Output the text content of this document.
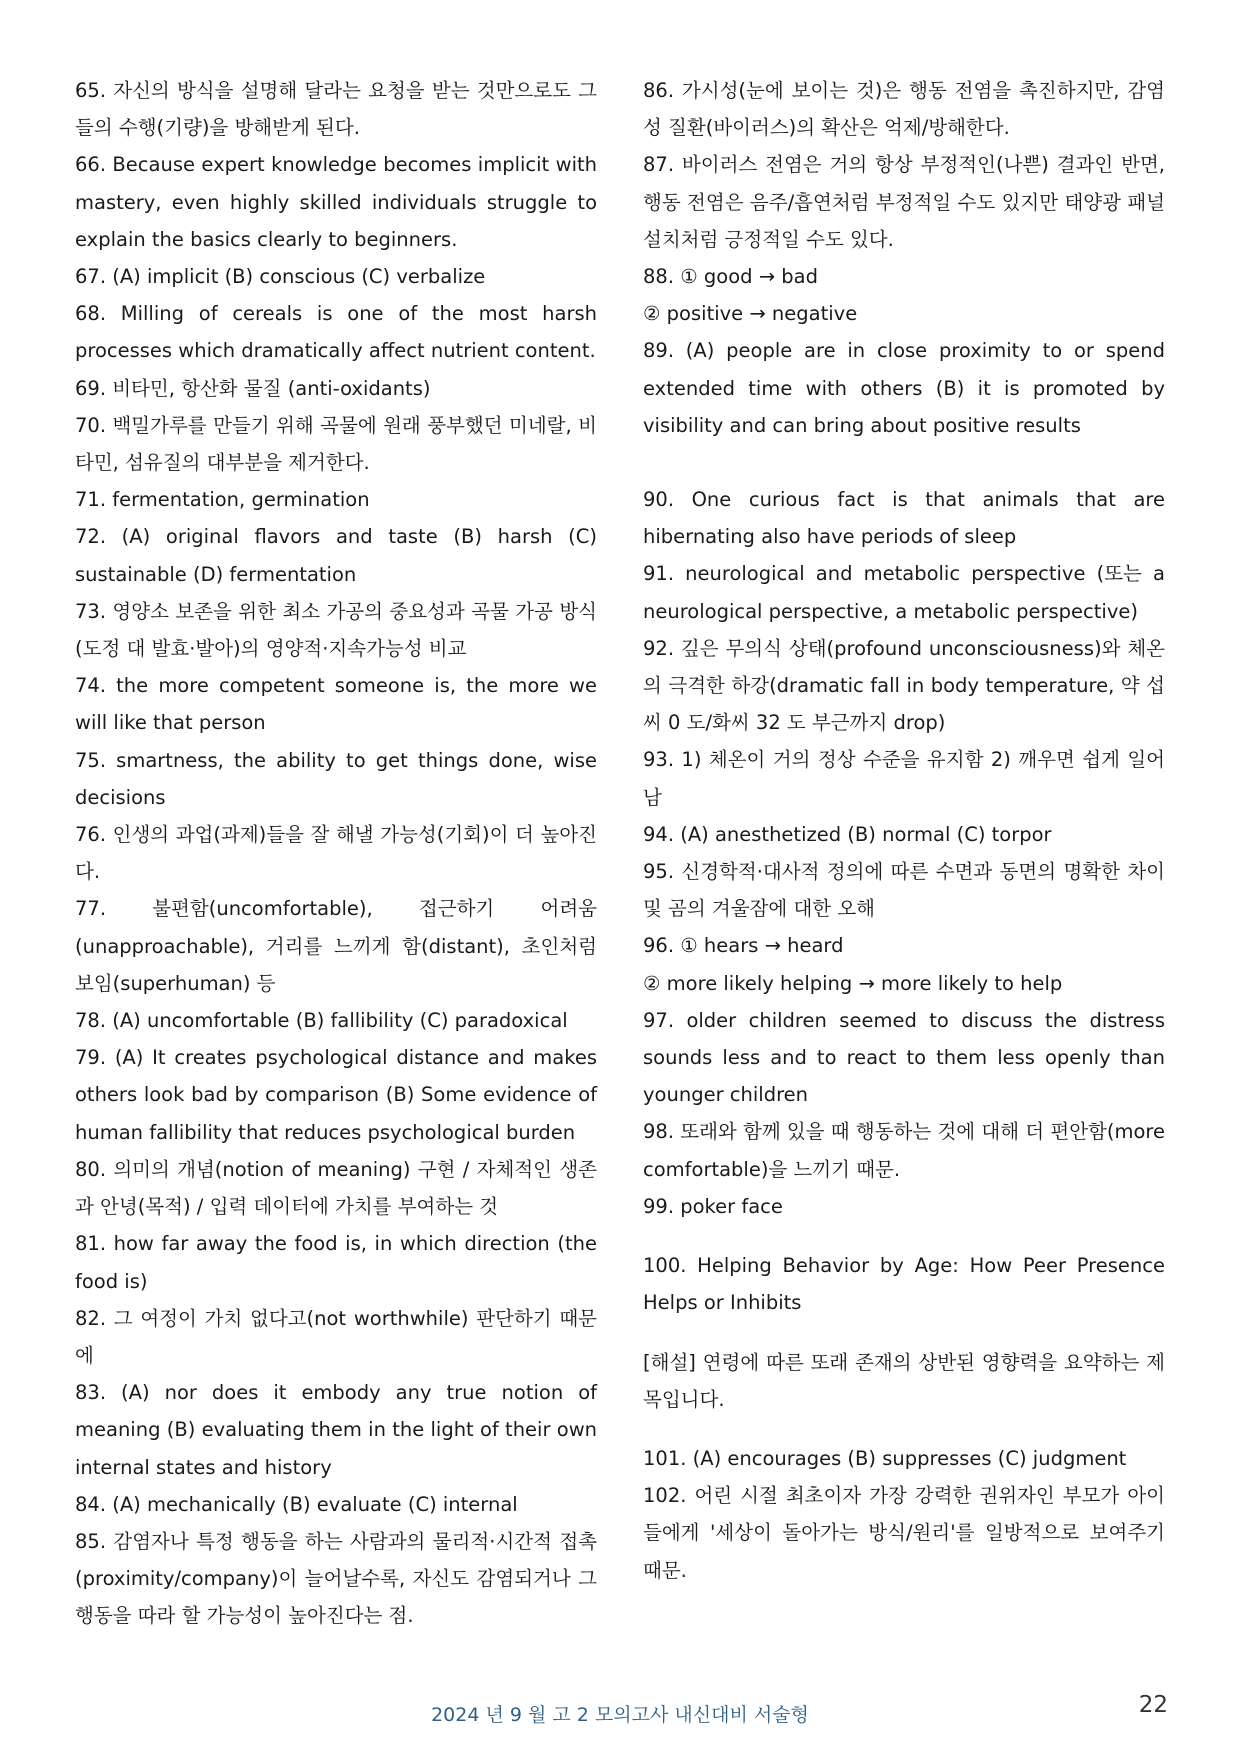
65. 자신의 방식을 설명해 달라는 요청을 받는 것만으로도 그들의 수행(기량)을 방해받게 된다.

66. Because expert knowledge becomes implicit with mastery, even highly skilled individuals struggle to explain the basics clearly to beginners.

67. (A) implicit (B) conscious (C) verbalize

68. Milling of cereals is one of the most harsh processes which dramatically affect nutrient content.

69. 비타민, 항산화 물질 (anti-oxidants)

70. 백밀가루를 만들기 위해 곡물에 원래 풍부했던 미네랄, 비타민, 섬유질의 대부분을 제거한다.

71. fermentation, germination

72. (A) original flavors and taste (B) harsh (C) sustainable (D) fermentation

73. 영양소 보존을 위한 최소 가공의 중요성과 곡물 가공 방식(도정 대 발효·발아)의 영양적·지속가능성 비교

74. the more competent someone is, the more we will like that person

75. smartness, the ability to get things done, wise decisions

76. 인생의 과업(과제)들을 잘 해낼 가능성(기회)이 더 높아진다.

77. 불편함(uncomfortable), 접근하기 어려움(unapproachable), 거리를 느끼게 함(distant), 초인처럼 보임(superhuman) 등

78. (A) uncomfortable (B) fallibility (C) paradoxical

79. (A) It creates psychological distance and makes others look bad by comparison (B) Some evidence of human fallibility that reduces psychological burden

80. 의미의 개념(notion of meaning) 구현 / 자체적인 생존과 안녕(목적) / 입력 데이터에 가치를 부여하는 것

81. how far away the food is, in which direction (the food is)

82. 그 여정이 가치 없다고(not worthwhile) 판단하기 때문에

83. (A) nor does it embody any true notion of meaning (B) evaluating them in the light of their own internal states and history

84. (A) mechanically (B) evaluate (C) internal

85. 감염자나 특정 행동을 하는 사람과의 물리적·시간적 접촉(proximity/company)이 늘어날수록, 자신도 감염되거나 그 행동을 따라 할 가능성이 높아진다는 점.

86. 가시성(눈에 보이는 것)은 행동 전염을 촉진하지만, 감염성 질환(바이러스)의 확산은 억제/방해한다.

87. 바이러스 전염은 거의 항상 부정적인(나쁜) 결과인 반면, 행동 전염은 음주/흡연처럼 부정적일 수도 있지만 태양광 패널 설치처럼 긍정적일 수도 있다.

88. ① good → bad

② positive → negative

89. (A) people are in close proximity to or spend extended time with others (B) it is promoted by visibility and can bring about positive results

90. One curious fact is that animals that are hibernating also have periods of sleep

91. neurological and metabolic perspective (또는 a neurological perspective, a metabolic perspective)

92. 깊은 무의식 상태(profound unconsciousness)와 체온의 극격한 하강(dramatic fall in body temperature, 약 섭씨 0 도/화씨 32 도 부근까지 drop)

93. 1) 체온이 거의 정상 수준을 유지함 2) 깨우면 쉽게 일어남

94. (A) anesthetized (B) normal (C) torpor

95. 신경학적·대사적 정의에 따른 수면과 동면의 명확한 차이 및 곰의 겨울잠에 대한 오해

96. ① hears → heard

② more likely helping → more likely to help

97. older children seemed to discuss the distress sounds less and to react to them less openly than younger children

98. 또래와 함께 있을 때 행동하는 것에 대해 더 편안함(more comfortable)을 느끼기 때문.

99. poker face

100. Helping Behavior by Age: How Peer Presence Helps or Inhibits

[해설] 연령에 따른 또래 존재의 상반된 영향력을 요약하는 제목입니다.

101. (A) encourages (B) suppresses (C) judgment

102. 어린 시절 최초이자 가장 강력한 권위자인 부모가 아이들에게 '세상이 돌아가는 방식/원리'를 일방적으로 보여주기 때문.

2024 년 9 월 고 2 모의고사 내신대비 서술형	22
